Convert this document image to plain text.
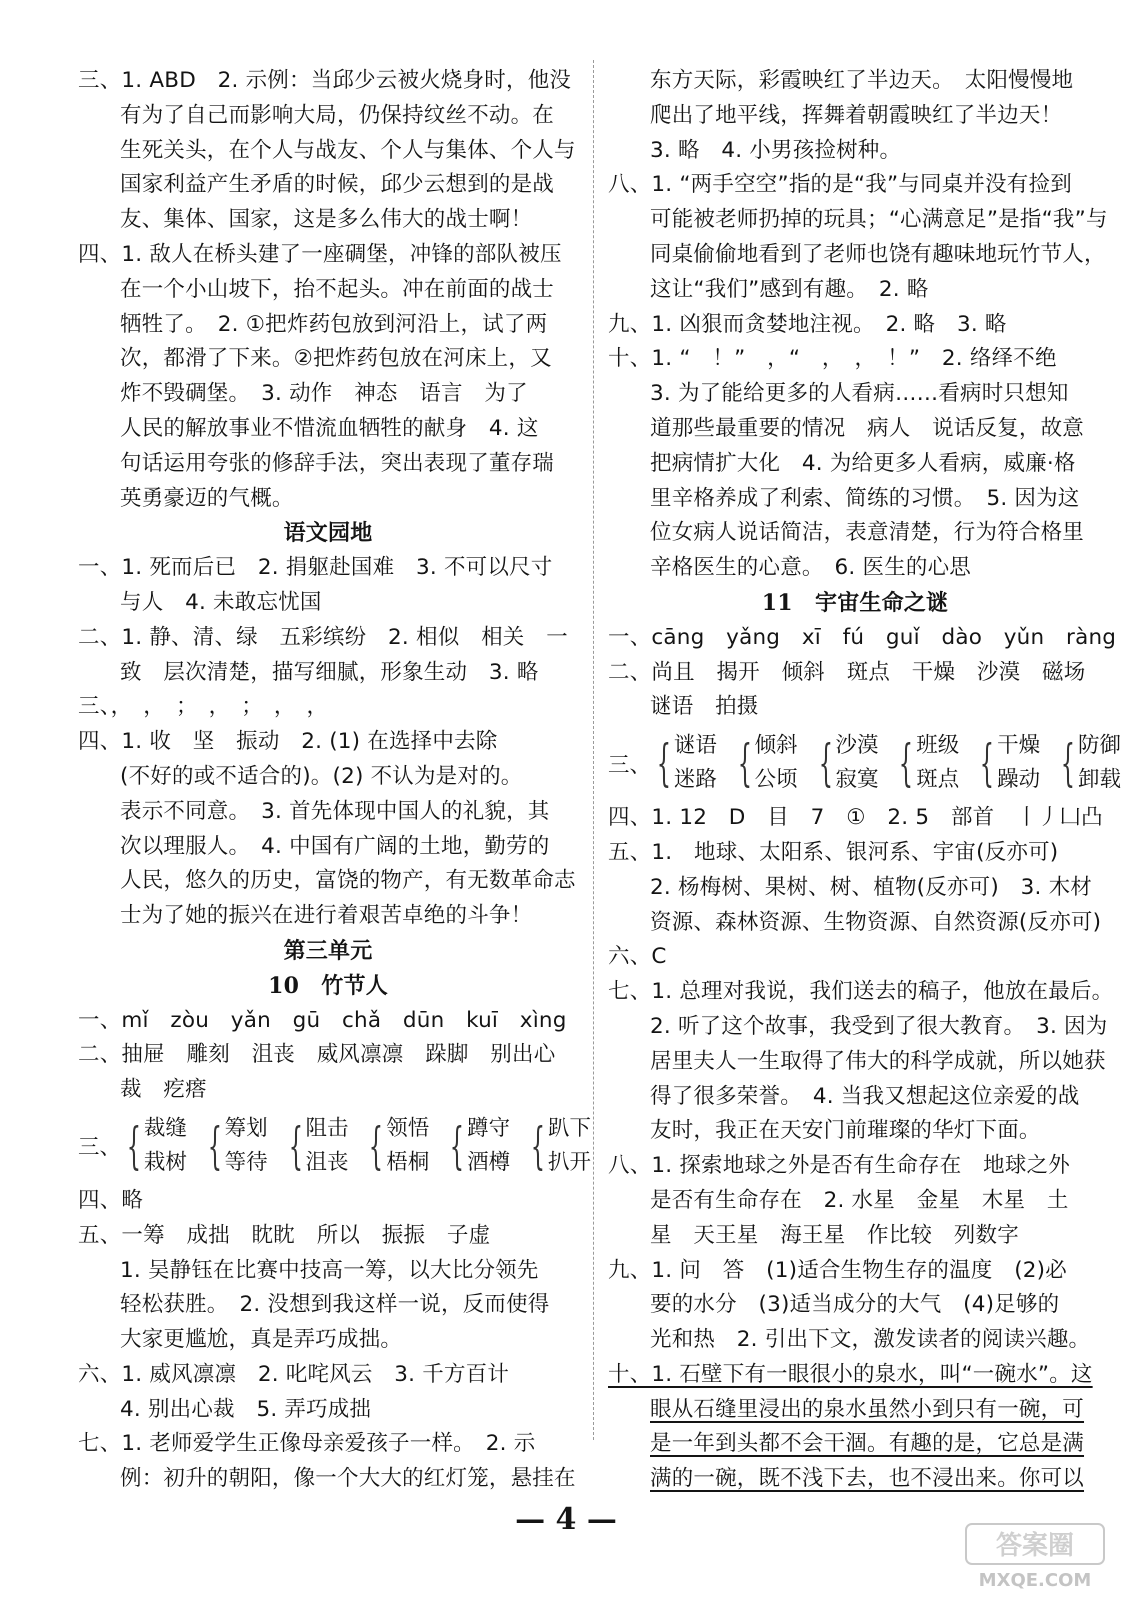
三、1. ABD　2. 示例：当邱少云被火烧身时，他没
有为了自己而影响大局，仍保持纹丝不动。在
生死关头，在个人与战友、个人与集体、个人与
国家利益产生矛盾的时候，邱少云想到的是战
友、集体、国家，这是多么伟大的战士啊！
四、1. 敌人在桥头建了一座碉堡，冲锋的部队被压
在一个小山坡下，抬不起头。冲在前面的战士
牺牲了。　2. ①把炸药包放到河沿上，试了两
次，都滑了下来。②把炸药包放在河床上，又
炸不毁碉堡。　3. 动作　神态　语言　为了
人民的解放事业不惜流血牺牲的献身　4. 这
句话运用夸张的修辞手法，突出表现了董存瑞
英勇豪迈的气概。
语文园地
一、1. 死而后已　2. 捐躯赴国难　3. 不可以尺寸
与人　4. 未敢忘忧国
二、1. 静、清、绿　五彩缤纷　2. 相似　相关　一
致　层次清楚，描写细腻，形象生动　3. 略
三、，　，　；　，　；　，　，
四、1. 收　坚　振动　2. (1) 在选择中去除
(不好的或不适合的)。(2) 不认为是对的。
表示不同意。　3. 首先体现中国人的礼貌，其
次以理服人。　4. 中国有广阔的土地，勤劳的
人民，悠久的历史，富饶的物产，有无数革命志
士为了她的振兴在进行着艰苦卓绝的斗争！
第三单元
10　竹节人
一、mǐ　zòu　yǎn　gū　chǎ　dūn　kuī　xìng
二、抽屉　雕刻　沮丧　威风凛凛　跺脚　别出心
裁　疙瘩
三、 { 裁缝
栽树 { 筹划
等待 { 阻击
沮丧 { 领悟
梧桐 { 蹲守
酒樽 { 趴下
扒开
四、略
五、一筹　成拙　眈眈　所以　振振　子虚
1. 吴静钰在比赛中技高一筹，以大比分领先
轻松获胜。　2. 没想到我这样一说，反而使得
大家更尴尬，真是弄巧成拙。
六、1. 威风凛凛　2. 叱咤风云　3. 千方百计
4. 别出心裁　5. 弄巧成拙
七、1. 老师爱学生正像母亲爱孩子一样。　2. 示
例：初升的朝阳，像一个大大的红灯笼，悬挂在
东方天际，彩霞映红了半边天。　太阳慢慢地
爬出了地平线，挥舞着朝霞映红了半边天！
3. 略　4. 小男孩捡树种。
八、1. “两手空空”指的是“我”与同桌并没有捡到
可能被老师扔掉的玩具；“心满意足”是指“我”与
同桌偷偷地看到了老师也饶有趣味地玩竹节人，
这让“我们”感到有趣。　2. 略
九、1. 凶狠而贪婪地注视。　2. 略　3. 略
十、1. “　！”　，“　，　，　！”　2. 络绎不绝
3. 为了能给更多的人看病……看病时只想知
道那些最重要的情况　病人　说话反复，故意
把病情扩大化　4. 为给更多人看病，威廉·格
里辛格养成了利索、简练的习惯。　5. 因为这
位女病人说话简洁，表意清楚，行为符合格里
辛格医生的心意。　6. 医生的心思
11　宇宙生命之谜
一、cāng　yǎng　xī　fú　guǐ　dào　yǔn　ràng
二、尚且　揭开　倾斜　斑点　干燥　沙漠　磁场
谜语　拍摄
三、 { 谜语
迷路 { 倾斜
公顷 { 沙漠
寂寞 { 班级
斑点 { 干燥
躁动 { 防御
卸载
四、1. 12　D　目　7　①　2. 5　部首　丨丿凵凸
五、1.　地球、太阳系、银河系、宇宙(反亦可)
2. 杨梅树、果树、树、植物(反亦可)　3. 木材
资源、森林资源、生物资源、自然资源(反亦可)
六、C
七、1. 总理对我说，我们送去的稿子，他放在最后。
2. 听了这个故事，我受到了很大教育。　3. 因为
居里夫人一生取得了伟大的科学成就，所以她获
得了很多荣誉。　4. 当我又想起这位亲爱的战
友时，我正在天安门前璀璨的华灯下面。
八、1. 探索地球之外是否有生命存在　地球之外
是否有生命存在　2. 水星　金星　木星　土
星　天王星　海王星　作比较　列数字
九、1. 问　答　(1)适合生物生存的温度　(2)必
要的水分　(3)适当成分的大气　(4)足够的
光和热　2. 引出下文，激发读者的阅读兴趣。
十、1. 石壁下有一眼很小的泉水，叫“一碗水”。这
眼从石缝里浸出的泉水虽然小到只有一碗，可
是一年到头都不会干涸。有趣的是，它总是满
满的一碗，既不浅下去，也不浸出来。你可以
— 4 —
答案圈
MXQE.COM
